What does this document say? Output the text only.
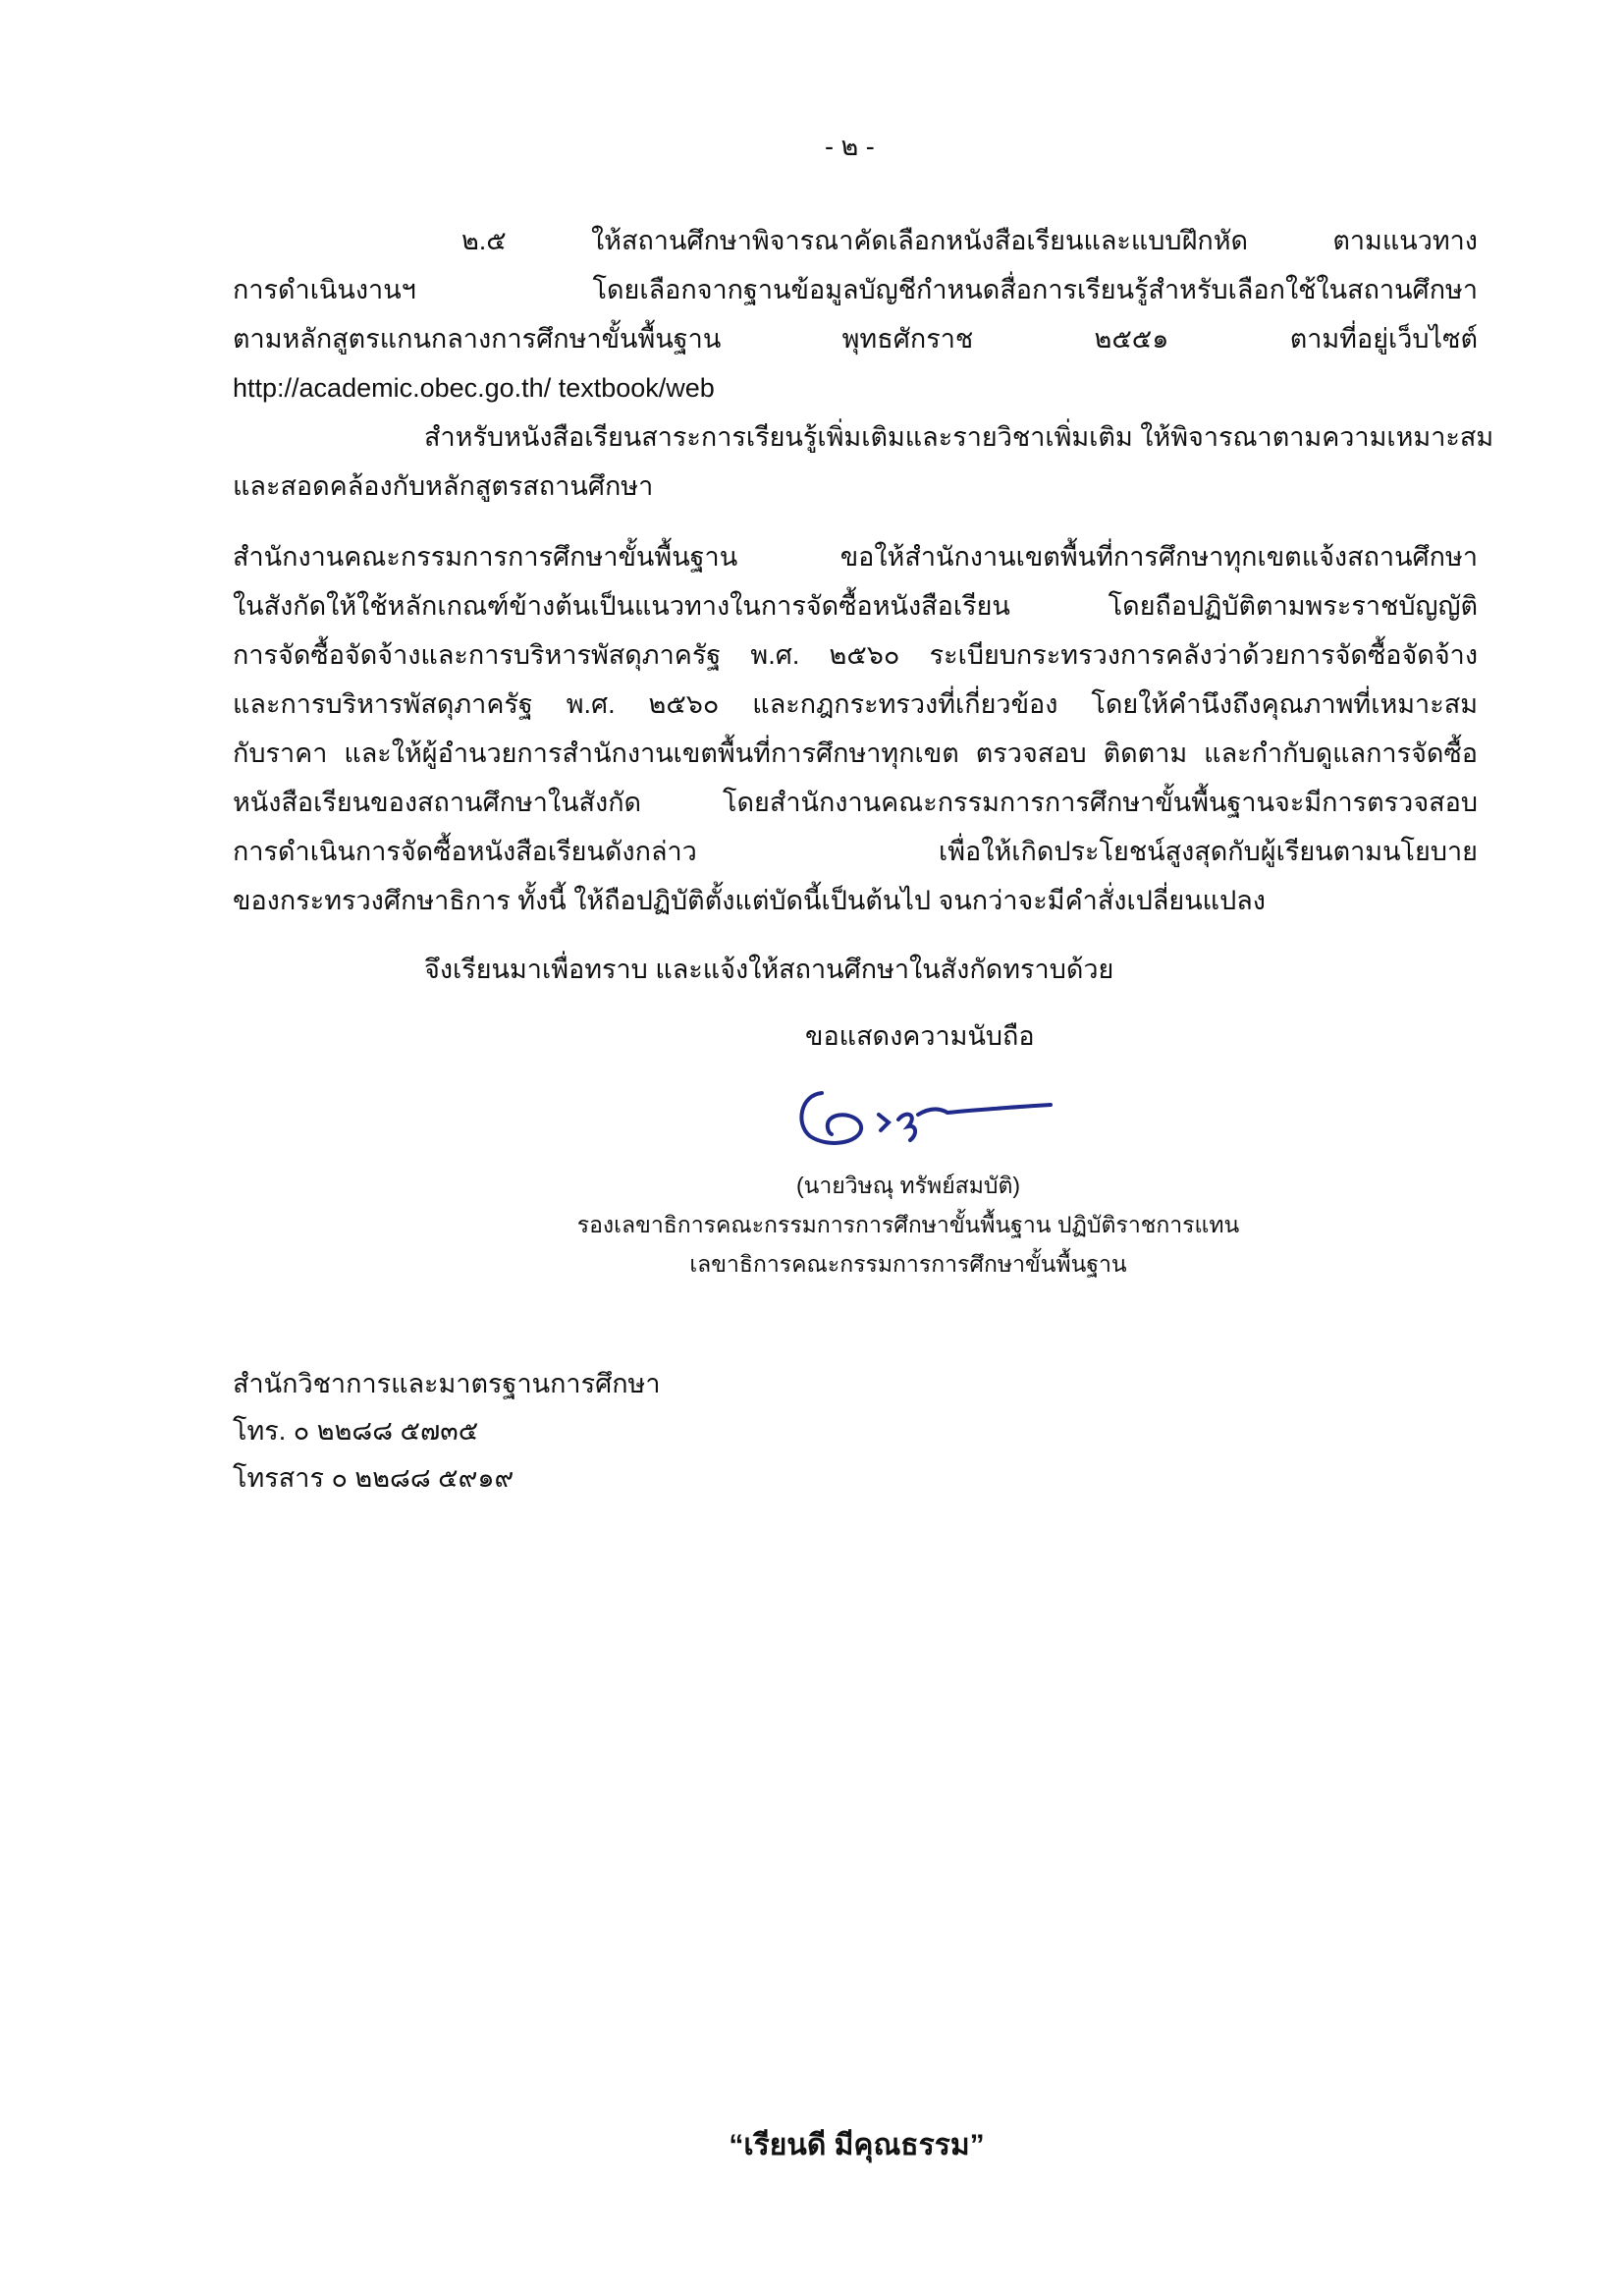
- ๒ -
๒.๕ ให้สถานศึกษาพิจารณาคัดเลือกหนังสือเรียนและแบบฝึกหัด ตามแนวทาง
การดำเนินงานฯ โดยเลือกจากฐานข้อมูลบัญชีกำหนดสื่อการเรียนรู้สำหรับเลือกใช้ในสถานศึกษา
ตามหลักสูตรแกนกลางการศึกษาขั้นพื้นฐาน พุทธศักราช ๒๕๕๑ ตามที่อยู่เว็บไซต์
http://academic.obec.go.th/ textbook/web
สำหรับหนังสือเรียนสาระการเรียนรู้เพิ่มเติมและรายวิชาเพิ่มเติม ให้พิจารณาตามความเหมาะสม
และสอดคล้องกับหลักสูตรสถานศึกษา
สำนักงานคณะกรรมการการศึกษาขั้นพื้นฐาน ขอให้สำนักงานเขตพื้นที่การศึกษาทุกเขตแจ้งสถานศึกษา
ในสังกัดให้ใช้หลักเกณฑ์ข้างต้นเป็นแนวทางในการจัดซื้อหนังสือเรียน โดยถือปฏิบัติตามพระราชบัญญัติ
การจัดซื้อจัดจ้างและการบริหารพัสดุภาครัฐ พ.ศ. ๒๕๖๐ ระเบียบกระทรวงการคลังว่าด้วยการจัดซื้อจัดจ้าง
และการบริหารพัสดุภาครัฐ พ.ศ. ๒๕๖๐ และกฎกระทรวงที่เกี่ยวข้อง โดยให้คำนึงถึงคุณภาพที่เหมาะสม
กับราคา และให้ผู้อำนวยการสำนักงานเขตพื้นที่การศึกษาทุกเขต ตรวจสอบ ติดตาม และกำกับดูแลการจัดซื้อ
หนังสือเรียนของสถานศึกษาในสังกัด โดยสำนักงานคณะกรรมการการศึกษาขั้นพื้นฐานจะมีการตรวจสอบ
การดำเนินการจัดซื้อหนังสือเรียนดังกล่าว เพื่อให้เกิดประโยชน์สูงสุดกับผู้เรียนตามนโยบาย
ของกระทรวงศึกษาธิการ ทั้งนี้ ให้ถือปฏิบัติตั้งแต่บัดนี้เป็นต้นไป จนกว่าจะมีคำสั่งเปลี่ยนแปลง
จึงเรียนมาเพื่อทราบ และแจ้งให้สถานศึกษาในสังกัดทราบด้วย
ขอแสดงความนับถือ
(นายวิษณุ ทรัพย์สมบัติ)
รองเลขาธิการคณะกรรมการการศึกษาขั้นพื้นฐาน ปฏิบัติราชการแทน
เลขาธิการคณะกรรมการการศึกษาขั้นพื้นฐาน
สำนักวิชาการและมาตรฐานการศึกษา
โทร. ๐ ๒๒๘๘ ๕๗๓๕
โทรสาร ๐ ๒๒๘๘ ๕๙๑๙
“เรียนดี มีคุณธรรม”
